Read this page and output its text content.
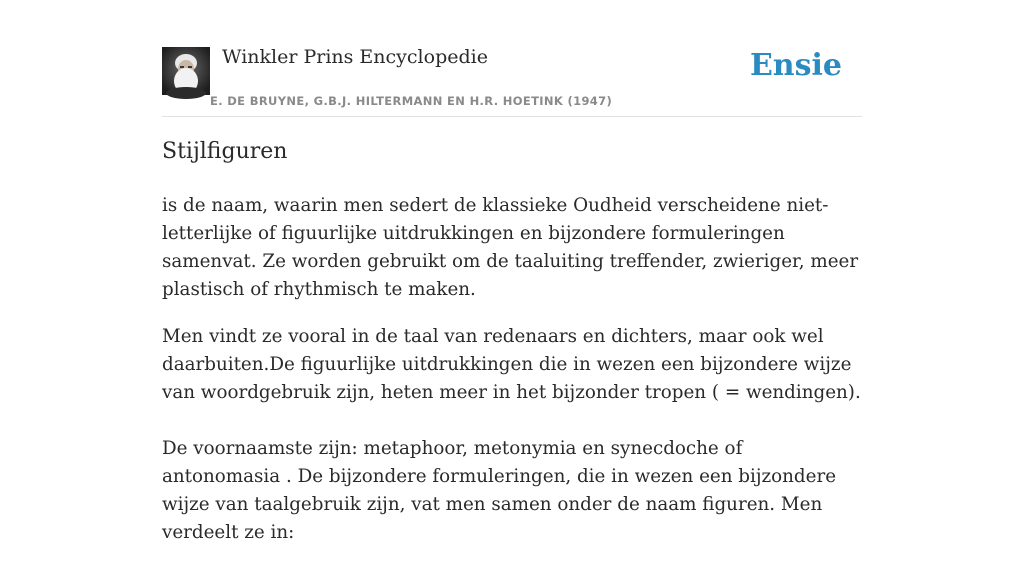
Winkler Prins Encyclopedie
E. DE BRUYNE, G.B.J. HILTERMANN EN H.R. HOETINK (1947)
Ensie
Stijlfiguren

is de naam, waarin men sedert de klassieke Oudheid verscheidene niet-letterlijke of figuurlijke uitdrukkingen en bijzondere formuleringen samenvat. Ze worden gebruikt om de taaluiting treffender, zwieriger, meer plastisch of rhythmisch te maken.

Men vindt ze vooral in de taal van redenaars en dichters, maar ook wel daarbuiten.De figuurlijke uitdrukkingen die in wezen een bijzondere wijze van woordgebruik zijn, heten meer in het bijzonder tropen ( = wendingen).

De voornaamste zijn: metaphoor, metonymia en synecdoche of antonomasia . De bijzondere formuleringen, die in wezen een bijzondere wijze van taalgebruik zijn, vat men samen onder de naam figuren. Men verdeelt ze in:
